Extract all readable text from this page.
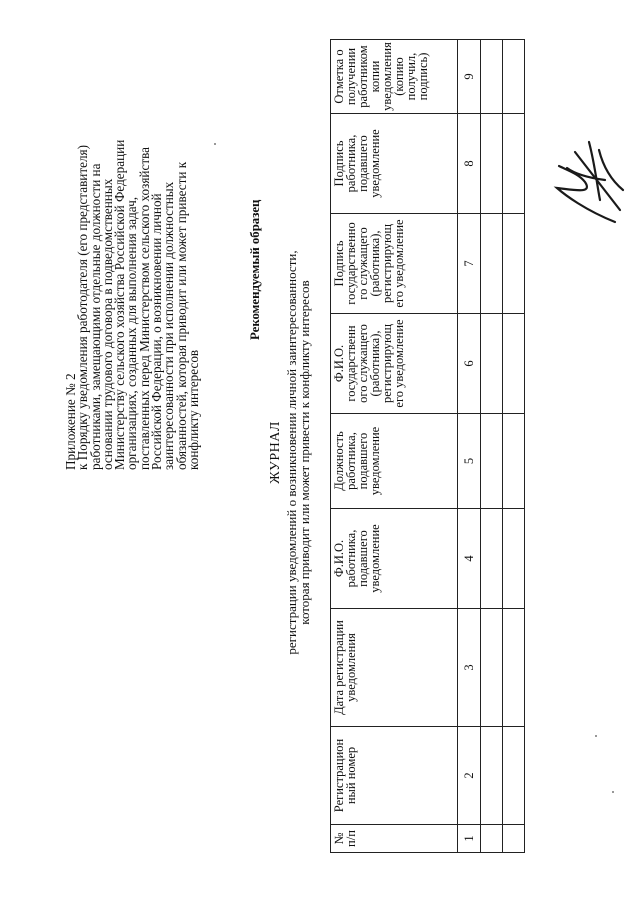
Приложение № 2
к Порядку уведомления работодателя (его представителя)
работниками, замещающими отдельные должности на
основании трудового договора в подведомственных
Министерству сельского хозяйства Российской Федерации
организациях, созданных для выполнения задач,
поставленных перед Министерством сельского хозяйства
Российской Федерации, о возникновении личной
заинтересованности при исполнении должностных
обязанностей, которая приводит или может привести к
конфликту интересов
Рекомендуемый образец
ЖУРНАЛ регистрации уведомлений о возникновении личной заинтересованности,
которая приводит или может привести к конфликту интересов
№ п/п	Регистрацион ный номер	Дата регистрации уведомления	Ф.И.О. работника, подавшего уведомление	Должность работника, подавшего уведомление	Ф.И.О. государственн ого служащего (работника), регистрирующ его уведомление	Подпись государственно го служащего (работника), регистрирующ его уведомление	Подпись работника, подавшего уведомление	Отметка о получении работником копии уведомления (копию получил, подпись)
1	2	3	4	5	6	7	8	9
